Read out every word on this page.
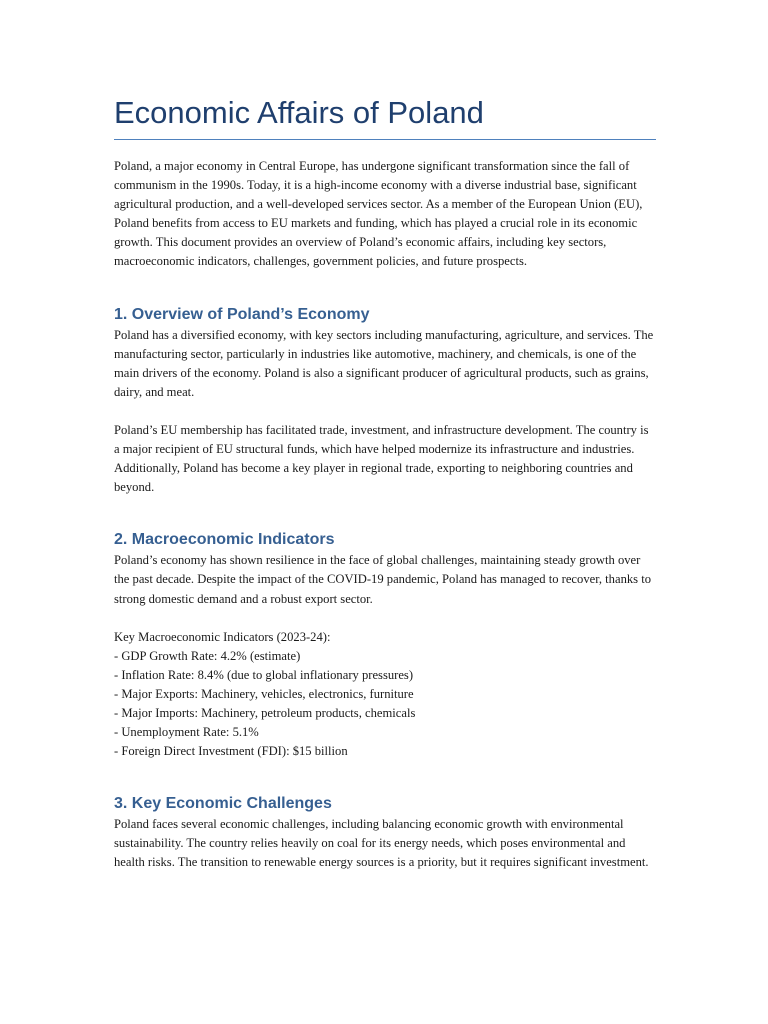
Economic Affairs of Poland

Poland, a major economy in Central Europe, has undergone significant transformation since the fall of communism in the 1990s. Today, it is a high-income economy with a diverse industrial base, significant agricultural production, and a well-developed services sector. As a member of the European Union (EU), Poland benefits from access to EU markets and funding, which has played a crucial role in its economic growth. This document provides an overview of Poland’s economic affairs, including key sectors, macroeconomic indicators, challenges, government policies, and future prospects.

1. Overview of Poland’s Economy

Poland has a diversified economy, with key sectors including manufacturing, agriculture, and services. The manufacturing sector, particularly in industries like automotive, machinery, and chemicals, is one of the main drivers of the economy. Poland is also a significant producer of agricultural products, such as grains, dairy, and meat.

Poland’s EU membership has facilitated trade, investment, and infrastructure development. The country is a major recipient of EU structural funds, which have helped modernize its infrastructure and industries. Additionally, Poland has become a key player in regional trade, exporting to neighboring countries and beyond.

2. Macroeconomic Indicators

Poland’s economy has shown resilience in the face of global challenges, maintaining steady growth over the past decade. Despite the impact of the COVID-19 pandemic, Poland has managed to recover, thanks to strong domestic demand and a robust export sector.

Key Macroeconomic Indicators (2023-24):

- GDP Growth Rate: 4.2% (estimate)
- Inflation Rate: 8.4% (due to global inflationary pressures)
- Major Exports: Machinery, vehicles, electronics, furniture
- Major Imports: Machinery, petroleum products, chemicals
- Unemployment Rate: 5.1%
- Foreign Direct Investment (FDI): $15 billion
3. Key Economic Challenges

Poland faces several economic challenges, including balancing economic growth with environmental sustainability. The country relies heavily on coal for its energy needs, which poses environmental and health risks. The transition to renewable energy sources is a priority, but it requires significant investment.
